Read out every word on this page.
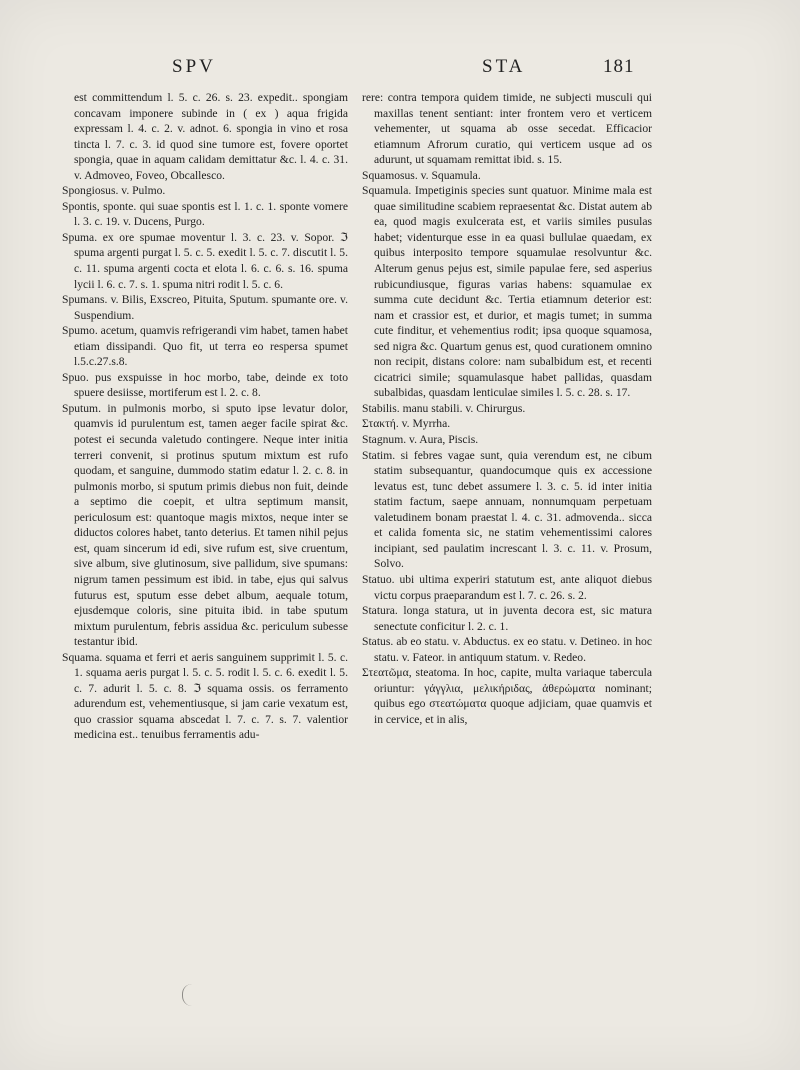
SPV	STA	181

est committendum l. 5. c. 26. s. 23. expedit.. spongiam concavam imponere subinde in ( ex ) aqua frigida expressam l. 4. c. 2. v. adnot. 6. spongia in vino et rosa tincta l. 7. c. 3. id quod sine tumore est, fovere oportet spongia, quae in aquam calidam demittatur &c. l. 4. c. 31. v. Admoveo, Foveo, Obcallesco.

Spongiosus. v. Pulmo.

Spontis, sponte. qui suae spontis est l. 1. c. 1. sponte vomere l. 3. c. 19. v. Ducens, Purgo.

Spuma. ex ore spumae moventur l. 3. c. 23. v. Sopor. ℑ spuma argenti purgat l. 5. c. 5. exedit l. 5. c. 7. discutit l. 5. c. 11. spuma argenti cocta et elota l. 6. c. 6. s. 16. spuma lycii l. 6. c. 7. s. 1. spuma nitri rodit l. 5. c. 6.

Spumans. v. Bilis, Exscreo, Pituita, Sputum. spumante ore. v. Suspendium.

Spumo. acetum, quamvis refrigerandi vim habet, tamen habet etiam dissipandi. Quo fit, ut terra eo respersa spumet l.5.c.27.s.8.

Spuo. pus exspuisse in hoc morbo, tabe, deinde ex toto spuere desiisse, mortiferum est l. 2. c. 8.

Sputum. in pulmonis morbo, si sputo ipse levatur dolor, quamvis id purulentum est, tamen aeger facile spirat &c. potest ei secunda valetudo contingere. Neque inter initia terreri convenit, si protinus sputum mixtum est rufo quodam, et sanguine, dummodo statim edatur l. 2. c. 8. in pulmonis morbo, si sputum primis diebus non fuit, deinde a septimo die coepit, et ultra septimum mansit, periculosum est: quantoque magis mixtos, neque inter se diductos colores habet, tanto deterius. Et tamen nihil pejus est, quam sincerum id edi, sive rufum est, sive cruentum, sive album, sive glutinosum, sive pallidum, sive spumans: nigrum tamen pessimum est ibid. in tabe, ejus qui salvus futurus est, sputum esse debet album, aequale totum, ejusdemque coloris, sine pituita ibid. in tabe sputum mixtum purulentum, febris assidua &c. periculum subesse testantur ibid.

Squama. squama et ferri et aeris sanguinem supprimit l. 5. c. 1. squama aeris purgat l. 5. c. 5. rodit l. 5. c. 6. exedit l. 5. c. 7. adurit l. 5. c. 8. ℑ squama ossis. os ferramento adurendum est, vehementiusque, si jam carie vexatum est, quo crassior squama abscedat l. 7. c. 7. s. 7. valentior medicina est.. tenuibus ferramentis adu-

rere: contra tempora quidem timide, ne subjecti musculi qui maxillas tenent sentiant: inter frontem vero et verticem vehementer, ut squama ab osse secedat. Efficacior etiamnum Afrorum curatio, qui verticem usque ad os adurunt, ut squamam remittat ibid. s. 15.

Squamosus. v. Squamula.

Squamula. Impetiginis species sunt quatuor. Minime mala est quae similitudine scabiem repraesentat &c. Distat autem ab ea, quod magis exulcerata est, et variis similes pusulas habet; videnturque esse in ea quasi bullulae quaedam, ex quibus interposito tempore squamulae resolvuntur &c. Alterum genus pejus est, simile papulae fere, sed asperius rubicundiusque, figuras varias habens: squamulae ex summa cute decidunt &c. Tertia etiamnum deterior est: nam et crassior est, et durior, et magis tumet; in summa cute finditur, et vehementius rodit; ipsa quoque squamosa, sed nigra &c. Quartum genus est, quod curationem omnino non recipit, distans colore: nam subalbidum est, et recenti cicatrici simile; squamulasque habet pallidas, quasdam subalbidas, quasdam lenticulae similes l. 5. c. 28. s. 17.

Stabilis. manu stabili. v. Chirurgus.

Στακτή. v. Myrrha.

Stagnum. v. Aura, Piscis.

Statim. si febres vagae sunt, quia verendum est, ne cibum statim subsequantur, quandocumque quis ex accessione levatus est, tunc debet assumere l. 3. c. 5. id inter initia statim factum, saepe annuam, nonnumquam perpetuam valetudinem bonam praestat l. 4. c. 31. admovenda.. sicca et calida fomenta sic, ne statim vehementissimi calores incipiant, sed paulatim increscant l. 3. c. 11. v. Prosum, Solvo.

Statuo. ubi ultima experiri statutum est, ante aliquot diebus victu corpus praeparandum est l. 7. c. 26. s. 2.

Statura. longa statura, ut in juventa decora est, sic matura senectute conficitur l. 2. c. 1.

Status. ab eo statu. v. Abductus. ex eo statu. v. Detineo. in hoc statu. v. Fateor. in antiquum statum. v. Redeo.

Στεατῶμα, steatoma. In hoc, capite, multa variaque tabercula oriuntur: γάγγλια, μελικήριδας, ἀθερώματα nominant; quibus ego στεατώματα quoque adjiciam, quae quamvis et in cervice, et in alis,
